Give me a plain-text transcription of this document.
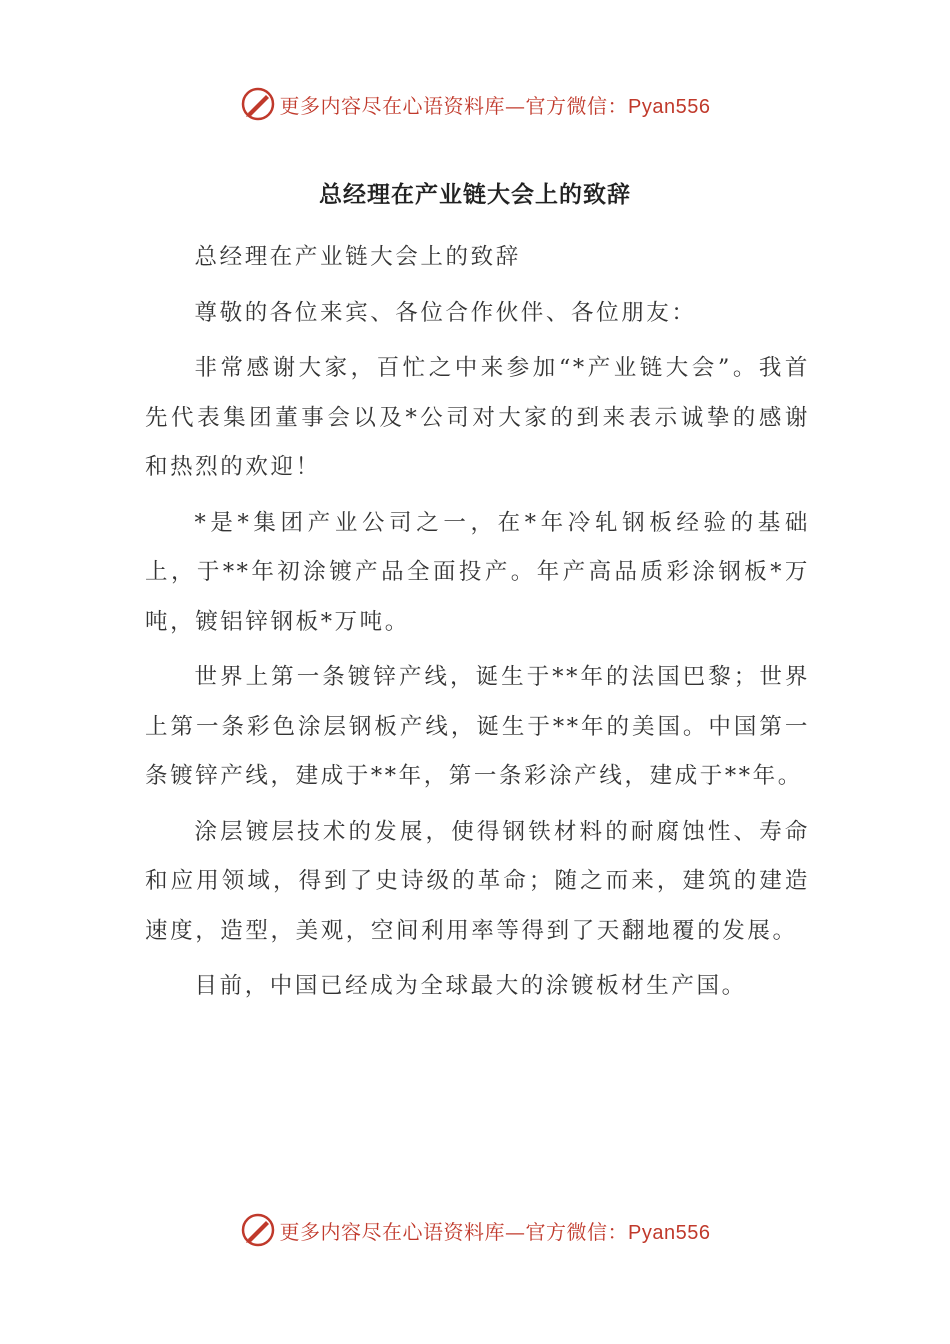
更多内容尽在心语资料库—官方微信：Pyan556
总经理在产业链大会上的致辞

总经理在产业链大会上的致辞

尊敬的各位来宾、各位合作伙伴、各位朋友：

非常感谢大家，百忙之中来参加“*产业链大会”。我首先代表集团董事会以及*公司对大家的到来表示诚挚的感谢和热烈的欢迎！

*是*集团产业公司之一，在*年冷轧钢板经验的基础上，于**年初涂镀产品全面投产。年产高品质彩涂钢板*万吨，镀铝锌钢板*万吨。

世界上第一条镀锌产线，诞生于**年的法国巴黎；世界上第一条彩色涂层钢板产线，诞生于**年的美国。中国第一条镀锌产线，建成于**年，第一条彩涂产线，建成于**年。

涂层镀层技术的发展，使得钢铁材料的耐腐蚀性、寿命和应用领域，得到了史诗级的革命；随之而来，建筑的建造速度，造型，美观，空间利用率等得到了天翻地覆的发展。

目前，中国已经成为全球最大的涂镀板材生产国。

更多内容尽在心语资料库—官方微信：Pyan556
